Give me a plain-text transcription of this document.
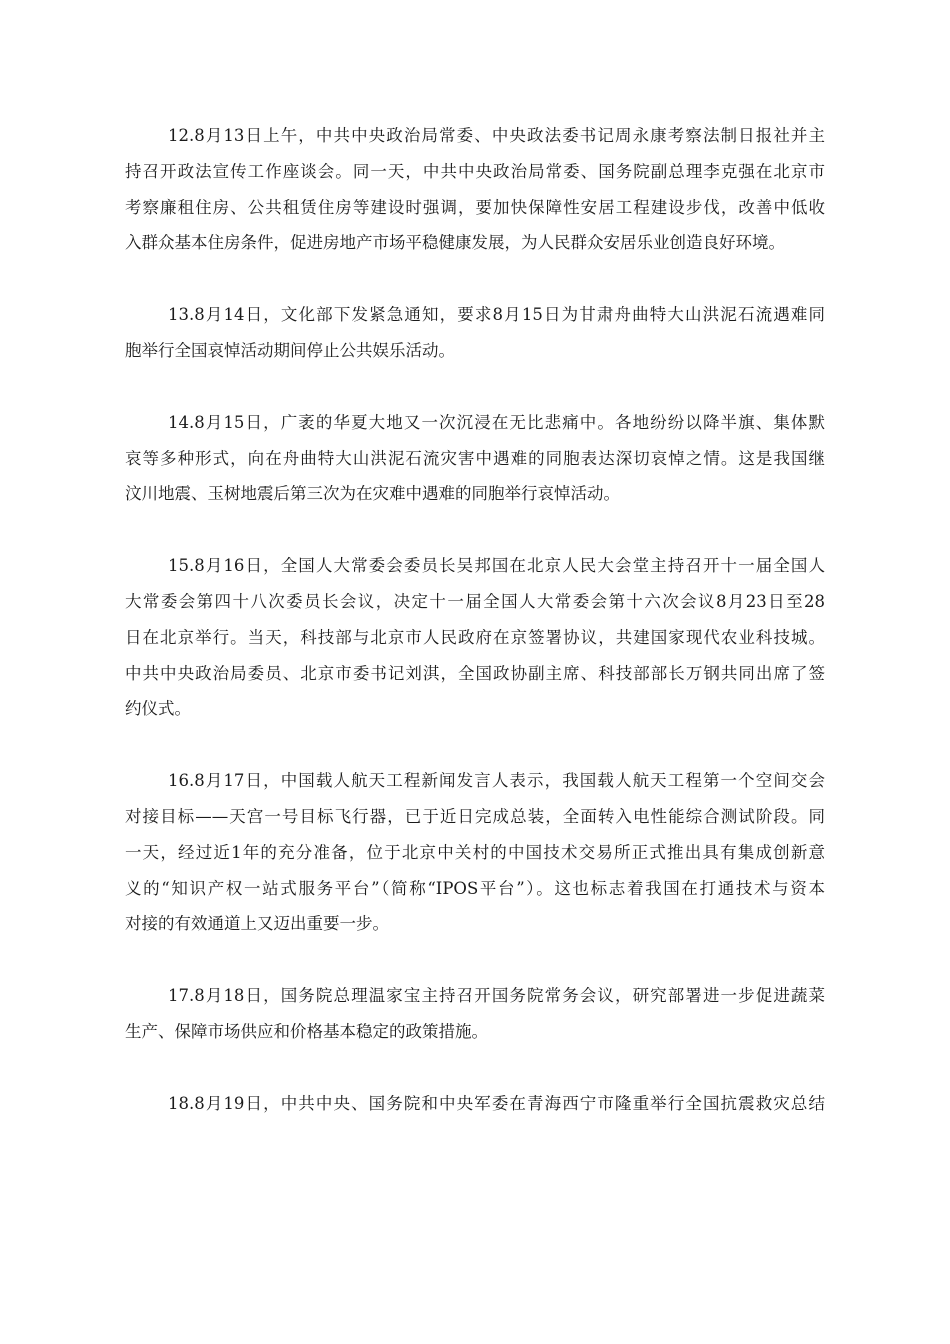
12.8月13日上午，中共中央政治局常委、中央政法委书记周永康考察法制日报社并主
持召开政法宣传工作座谈会。同一天，中共中央政治局常委、国务院副总理李克强在北京市
考察廉租住房、公共租赁住房等建设时强调，要加快保障性安居工程建设步伐，改善中低收
入群众基本住房条件，促进房地产市场平稳健康发展，为人民群众安居乐业创造良好环境。

13.8月14日，文化部下发紧急通知，要求8月15日为甘肃舟曲特大山洪泥石流遇难同
胞举行全国哀悼活动期间停止公共娱乐活动。

14.8月15日，广袤的华夏大地又一次沉浸在无比悲痛中。各地纷纷以降半旗、集体默
哀等多种形式，向在舟曲特大山洪泥石流灾害中遇难的同胞表达深切哀悼之情。这是我国继
汶川地震、玉树地震后第三次为在灾难中遇难的同胞举行哀悼活动。

15.8月16日，全国人大常委会委员长吴邦国在北京人民大会堂主持召开十一届全国人
大常委会第四十八次委员长会议，决定十一届全国人大常委会第十六次会议8月23日至28
日在北京举行。当天，科技部与北京市人民政府在京签署协议，共建国家现代农业科技城。
中共中央政治局委员、北京市委书记刘淇，全国政协副主席、科技部部长万钢共同出席了签
约仪式。

16.8月17日，中国载人航天工程新闻发言人表示，我国载人航天工程第一个空间交会
对接目标——天宫一号目标飞行器，已于近日完成总装，全面转入电性能综合测试阶段。同
一天，经过近1年的充分准备，位于北京中关村的中国技术交易所正式推出具有集成创新意
义的“知识产权一站式服务平台”（简称“IPOS平台”）。这也标志着我国在打通技术与资本
对接的有效通道上又迈出重要一步。

17.8月18日，国务院总理温家宝主持召开国务院常务会议，研究部署进一步促进蔬菜
生产、保障市场供应和价格基本稳定的政策措施。

18.8月19日，中共中央、国务院和中央军委在青海西宁市隆重举行全国抗震救灾总结
